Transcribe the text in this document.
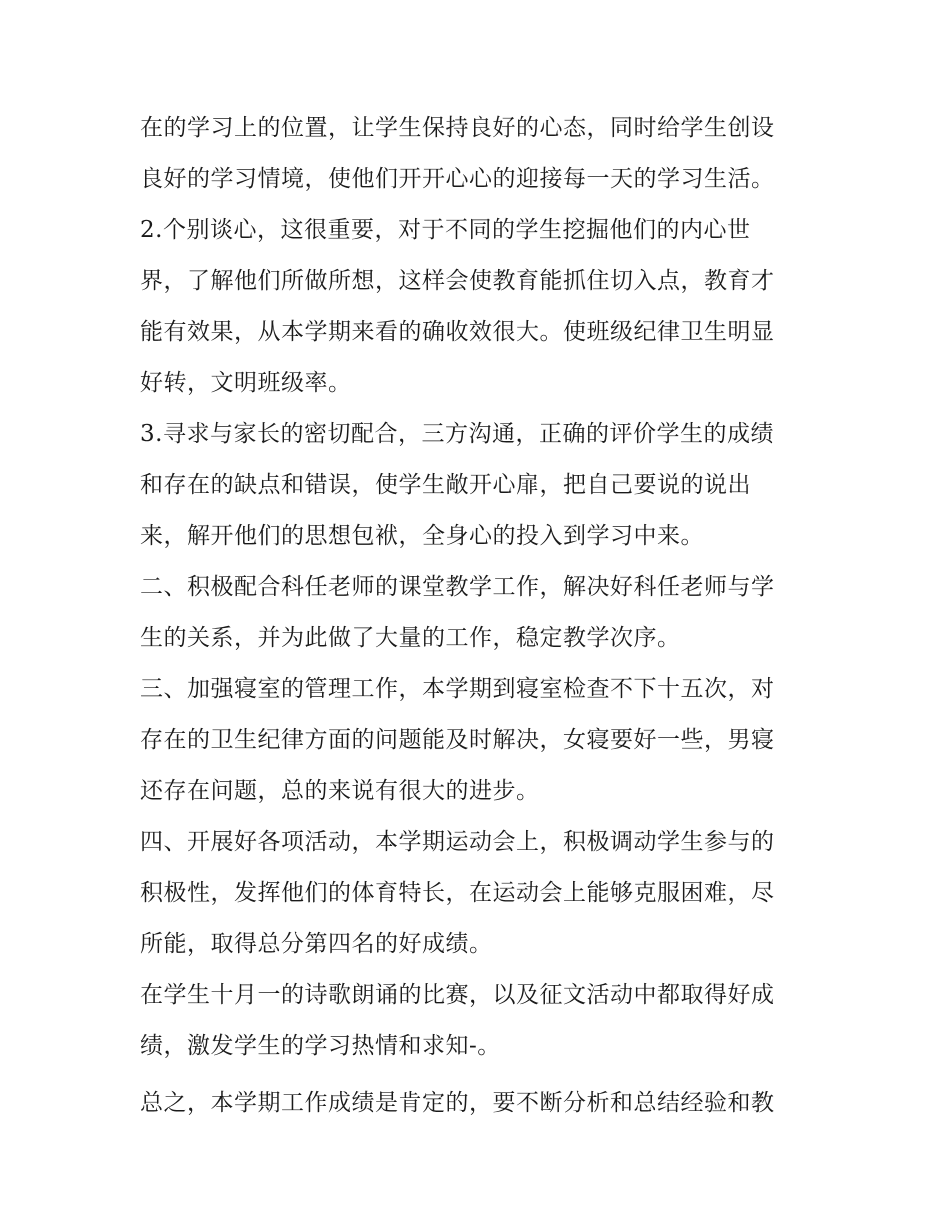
在的学习上的位置，让学生保持良好的心态，同时给学生创设
良好的学习情境，使他们开开心心的迎接每一天的学习生活。
2.个别谈心，这很重要，对于不同的学生挖掘他们的内心世
界，了解他们所做所想，这样会使教育能抓住切入点，教育才
能有效果，从本学期来看的确收效很大。使班级纪律卫生明显
好转，文明班级率。
3.寻求与家长的密切配合，三方沟通，正确的评价学生的成绩
和存在的缺点和错误，使学生敞开心扉，把自己要说的说出
来，解开他们的思想包袱，全身心的投入到学习中来。
二、积极配合科任老师的课堂教学工作，解决好科任老师与学
生的关系，并为此做了大量的工作，稳定教学次序。
三、加强寝室的管理工作，本学期到寝室检查不下十五次，对
存在的卫生纪律方面的问题能及时解决，女寝要好一些，男寝
还存在问题，总的来说有很大的进步。
四、开展好各项活动，本学期运动会上，积极调动学生参与的
积极性，发挥他们的体育特长，在运动会上能够克服困难，尽
所能，取得总分第四名的好成绩。
在学生十月一的诗歌朗诵的比赛，以及征文活动中都取得好成
绩，激发学生的学习热情和求知-。
总之，本学期工作成绩是肯定的，要不断分析和总结经验和教
